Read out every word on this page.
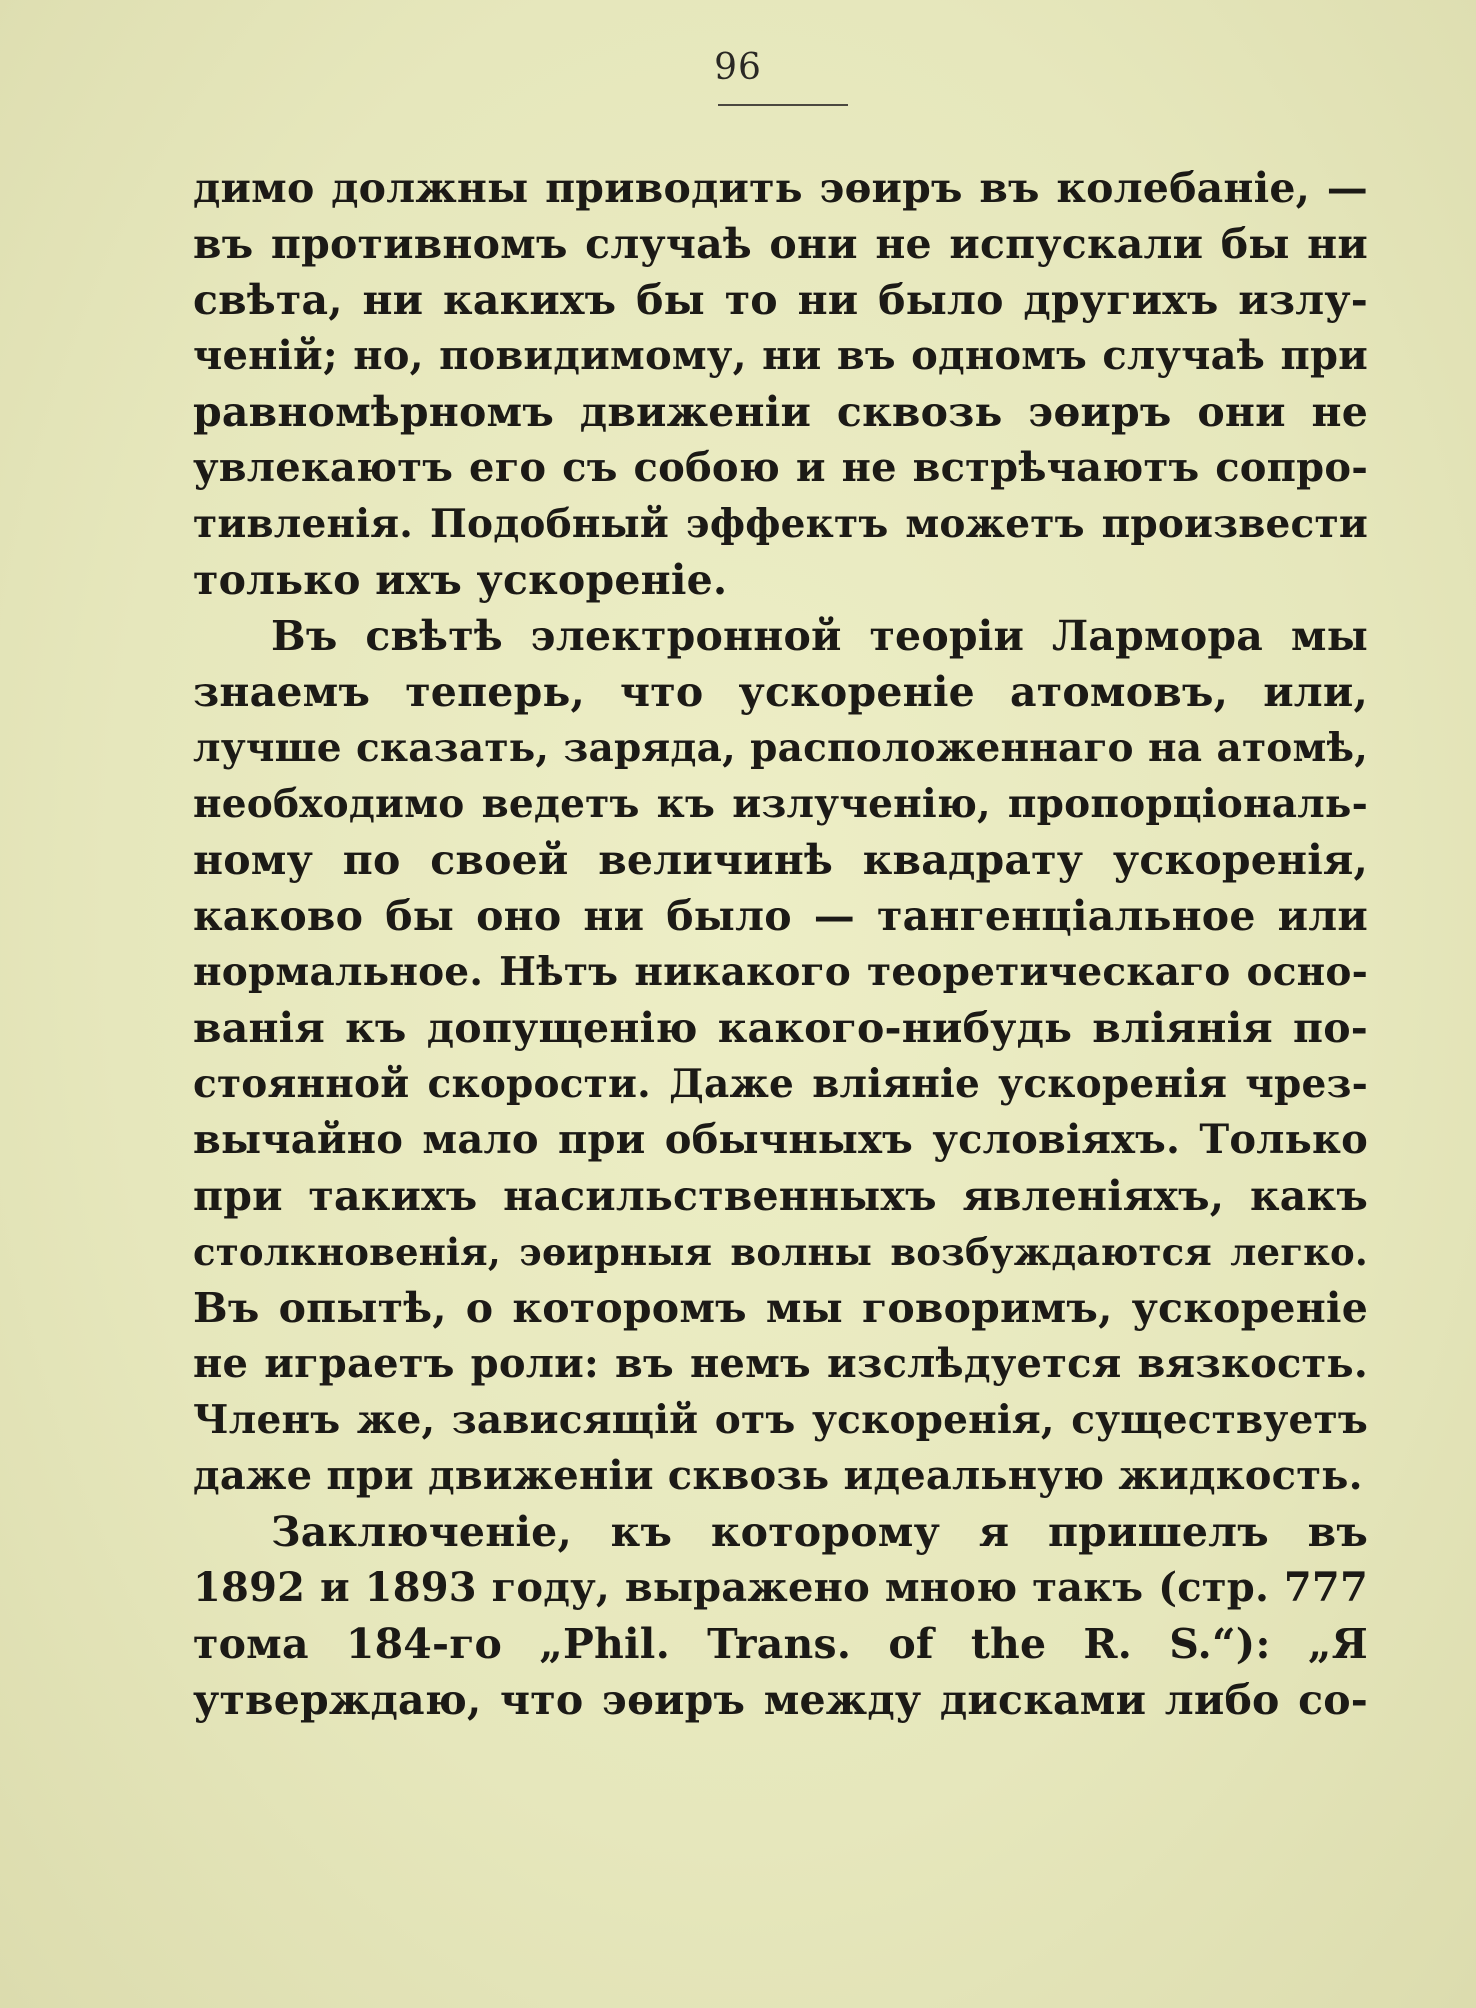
96
димо должны приводить эѳиръ въ колебаніе, —
въ противномъ случаѣ они не испускали бы ни
свѣта, ни какихъ бы то ни было другихъ излу-
ченій; но, повидимому, ни въ одномъ случаѣ при
равномѣрномъ движеніи сквозь эѳиръ они не
увлекаютъ его съ собою и не встрѣчаютъ сопро-
тивленія. Подобный эффектъ можетъ произвести
только ихъ ускореніе.
Въ свѣтѣ электронной теоріи Лармора мы
знаемъ теперь, что ускореніе атомовъ, или,
лучше сказать, заряда, расположеннаго на атомѣ,
необходимо ведетъ къ излученію, пропорціональ-
ному по своей величинѣ квадрату ускоренія,
каково бы оно ни было — тангенціальное или
нормальное. Нѣтъ никакого теоретическаго осно-
ванія къ допущенію какого-нибудь вліянія по-
стоянной скорости. Даже вліяніе ускоренія чрез-
вычайно мало при обычныхъ условіяхъ. Только
при такихъ насильственныхъ явленіяхъ, какъ
столкновенія, эѳирныя волны возбуждаются легко.
Въ опытѣ, о которомъ мы говоримъ, ускореніе
не играетъ роли: въ немъ изслѣдуется вязкость.
Членъ же, зависящій отъ ускоренія, существуетъ
даже при движеніи сквозь идеальную жидкость.
Заключеніе, къ которому я пришелъ въ
1892 и 1893 году, выражено мною такъ (стр. 777
тома 184-го „Phil. Trans. of the R. S.“): „Я
утверждаю, что эѳиръ между дисками либо со-
